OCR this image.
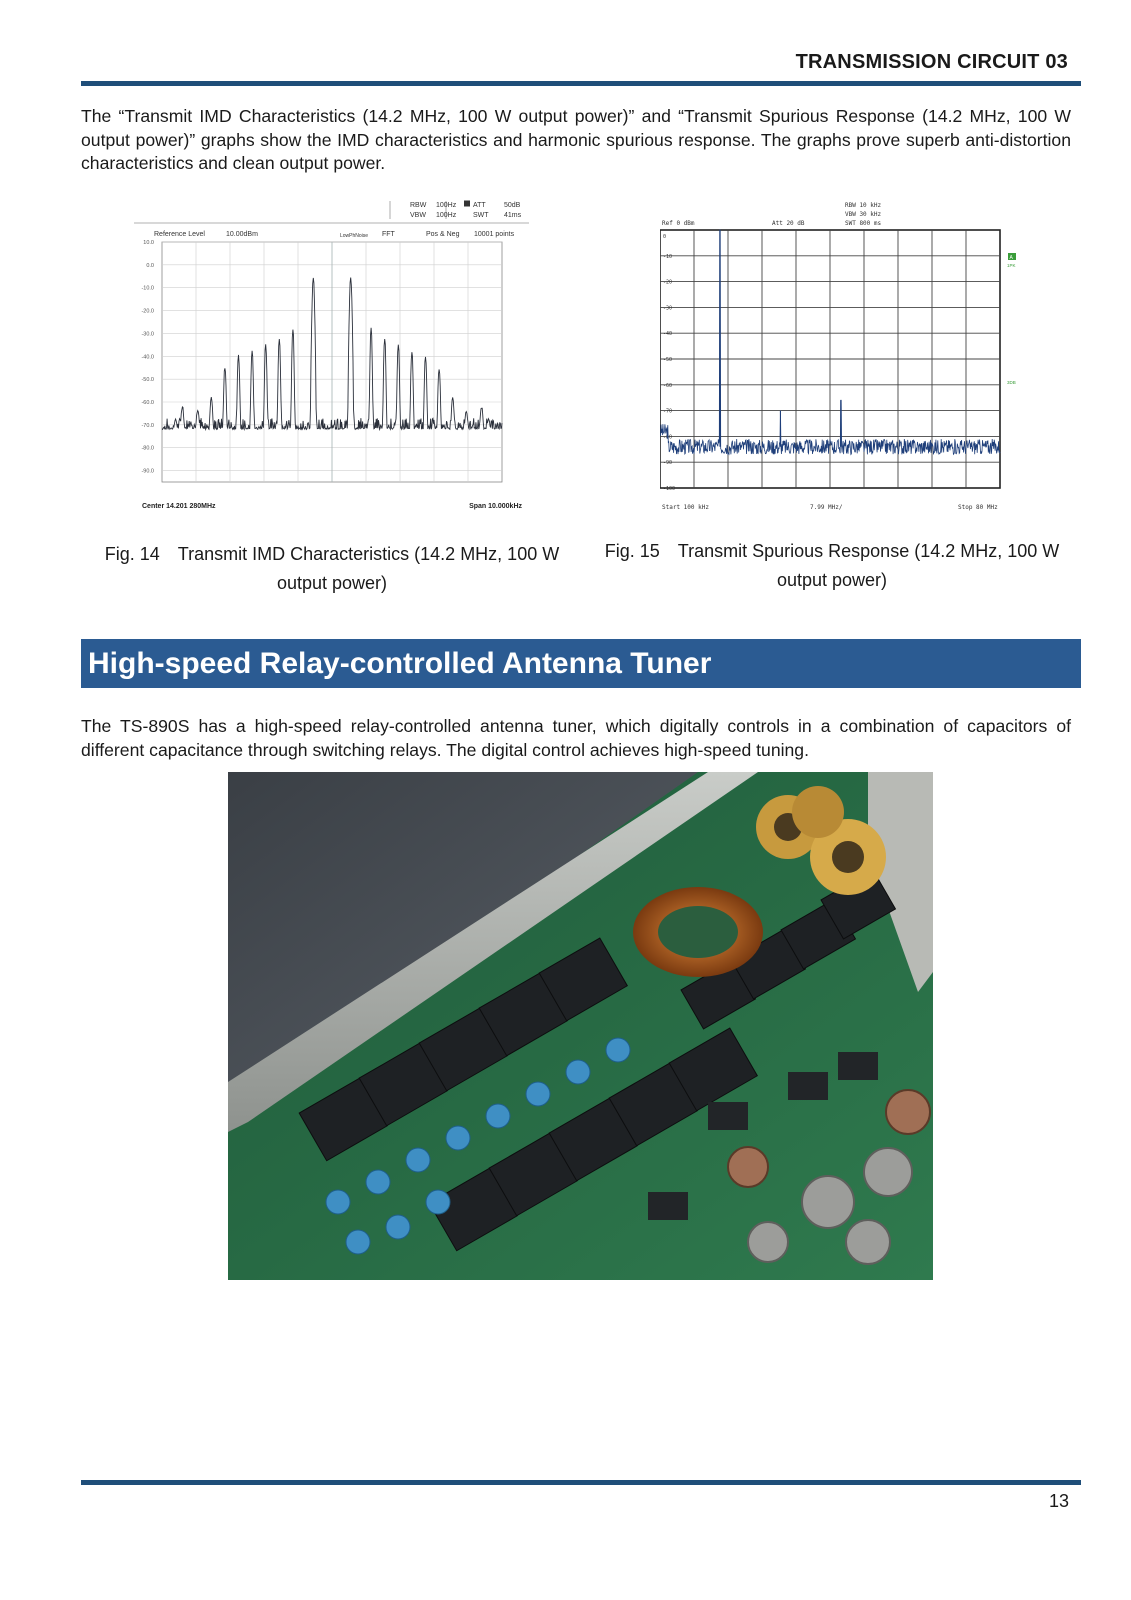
TRANSMISSION CIRCUIT 03

The “Transmit IMD Characteristics (14.2 MHz, 100 W output power)” and “Transmit Spurious Response (14.2 MHz, 100 W output power)” graphs show the IMD characteristics and harmonic spurious response. The graphs prove superb anti-distortion characteristics and clean output power.

RBW 100Hz ATT	50dB
VBW 100Hz SWT 41ms
Reference Level	10.00dBm	LowPhNoise FFT	Pos & Neg 10001 points
10.0
0.0
-10.0
-20.0
-30.0
-40.0
-50.0
-60.0
-70.0
-80.0
-90.0
Center 14.201 280MHz	Span 10.000kHz
RBW 10 kHz
VBW 30 kHz
Ref 0 dBm	Att 20 dB	SWT 800 ms
0
-10
-20
-30
-40
-50
-60
-70
-80
-90
-100
A
1PK
3DB
Start 100 kHz	7.99 MHz/	Stop 80 MHz
Fig. 14 Transmit IMD Characteristics (14.2 MHz, 100 W output power)
Fig. 15 Transmit Spurious Response (14.2 MHz, 100 W output power)
High-speed Relay-controlled Antenna Tuner

The TS-890S has a high-speed relay-controlled antenna tuner, which digitally controls in a combination of capacitors of different capacitance through switching relays. The digital control achieves high-speed tuning.

13
